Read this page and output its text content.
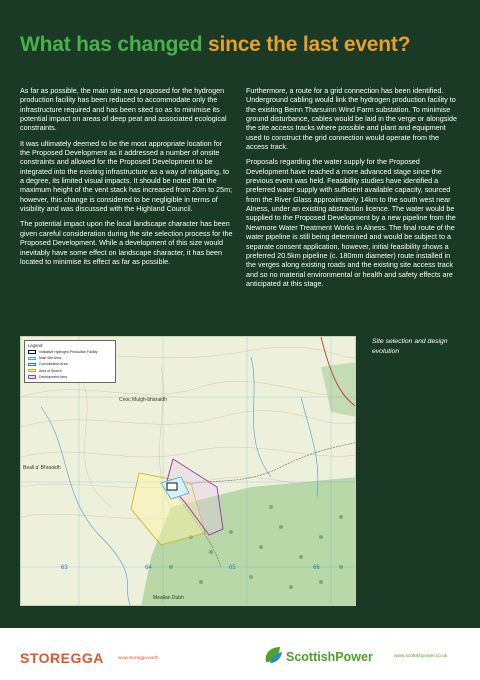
What has changed since the last event?

As far as possible, the main site area proposed for the hydrogen production facility has been reduced to accommodate only the infrastructure required and has been sited so as to minimise its potential impact on areas of deep peat and associated ecological constraints.

It was ultimately deemed to be the most appropriate location for the Proposed Development as it addressed a number of onsite constraints and allowed for the Proposed Development to be integrated into the existing infrastructure as a way of mitigating, to a degree, its limited visual impacts. It should be noted that the maximum height of the vent stack has increased from 20m to 25m; however, this change is considered to be negligible in terms of visibility and was discussed with the Highland Council.

The potential impact upon the local landscape character has been given careful consideration during the site selection process for the Proposed Development. While a development of this size would inevitably have some effect on landscape character, it has been located to minimise its effect as far as possible.

Furthermore, a route for a grid connection has been identified. Underground cabling would link the hydrogen production facility to the existing Beinn Tharsuinn Wind Farm substation. To minimise ground disturbance, cables would be laid in the verge or alongside the site access tracks where possible and plant and equipment used to construct the grid connection would operate from the access track.

Proposals regarding the water supply for the Proposed Development have reached a more advanced stage since the previous event was held. Feasibility studies have identified a preferred water supply with sufficient available capacity, sourced from the River Glass approximately 14km to the south west near Alness, under an existing abstraction licence. The water would be supplied to the Proposed Development by a new pipeline from the Newmore Water Treatment Works in Alness. The final route of the water pipeline is still being determined and would be subject to a separate consent application, however, initial feasibility shows a preferred 20.5km pipeline (c. 180mm diameter) route installed in the verges along existing roads and the existing site access track and so no material environmental or health and safety effects are anticipated at this stage.

63	64	65	66
Legend:
Indicative Hydrogen Production Facility
Main Site Area
Consolidation Area
Area of Search
Development Area
Cnoc Muigh-bhàraidh
Beall a' Bhraoidh
Meallan Dubh
Site selection and design evolution
STOREGGA	www.storegga.earth	ScottishPower	www.scottishpower.co.uk
